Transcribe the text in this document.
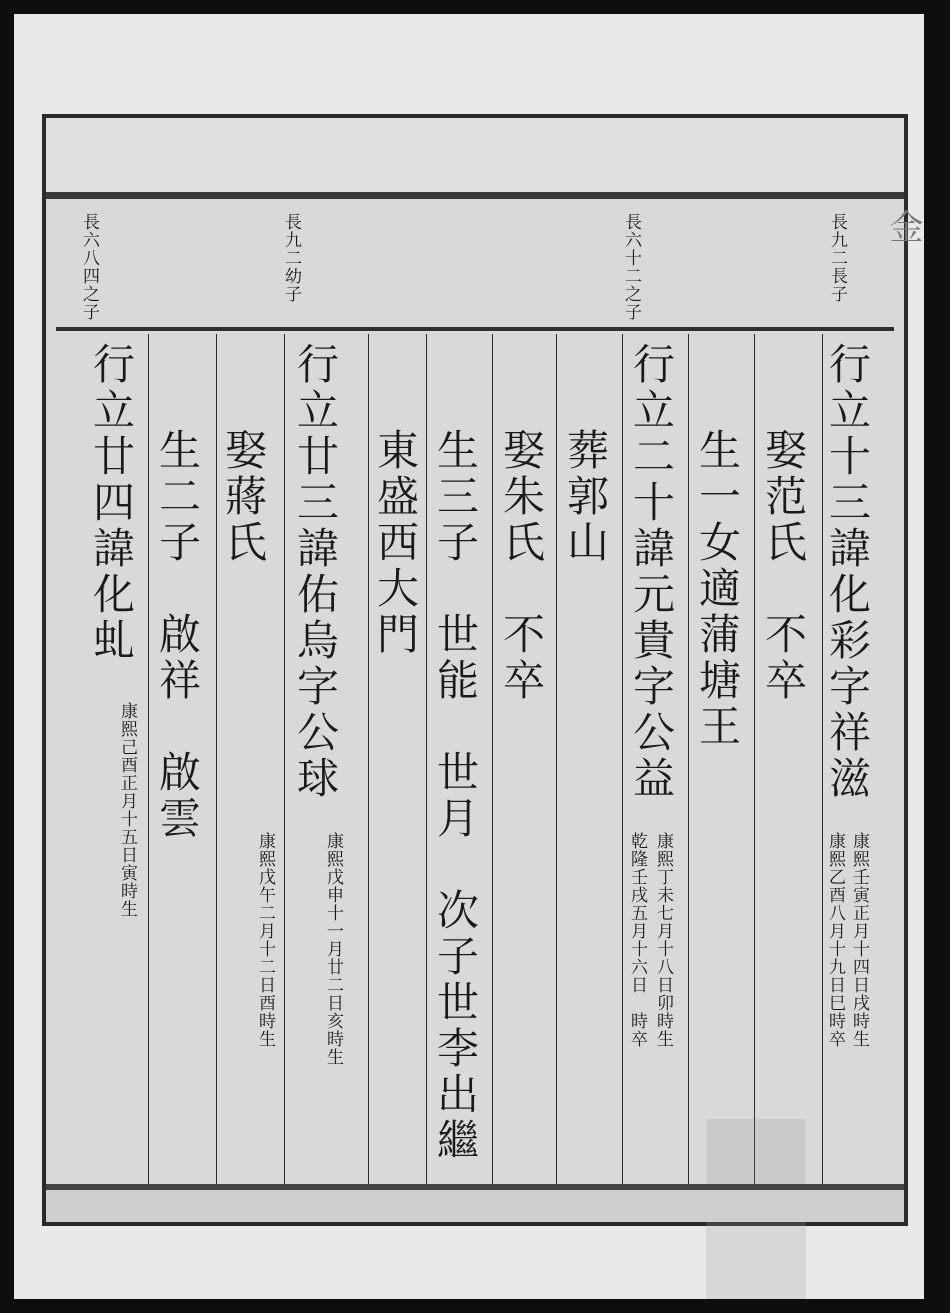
長六八四之子	長九二幼子	長六十二之子	長九二長子
行立十三諱化彩字祥滋
康熙壬寅正月十四日戌時生
康熙乙酉八月十九日巳時卒
娶范氏　不卒
生一女適蒲塘王
行立二十諱元貴字公益
康熙丁未七月十八日卯時生
乾隆壬戌五月十六日　時卒
葬郭山
娶朱氏　不卒
生三子　世能　世月　次子世李出繼
東盛西大門
行立廿三諱佑烏字公球
康熙戊申十一月廿二日亥時生
康熙戊午二月十二日酉時生
娶蔣氏
生二子　啟祥　啟雲
行立廿四諱化虬
康熙己酉正月十五日寅時生
金
